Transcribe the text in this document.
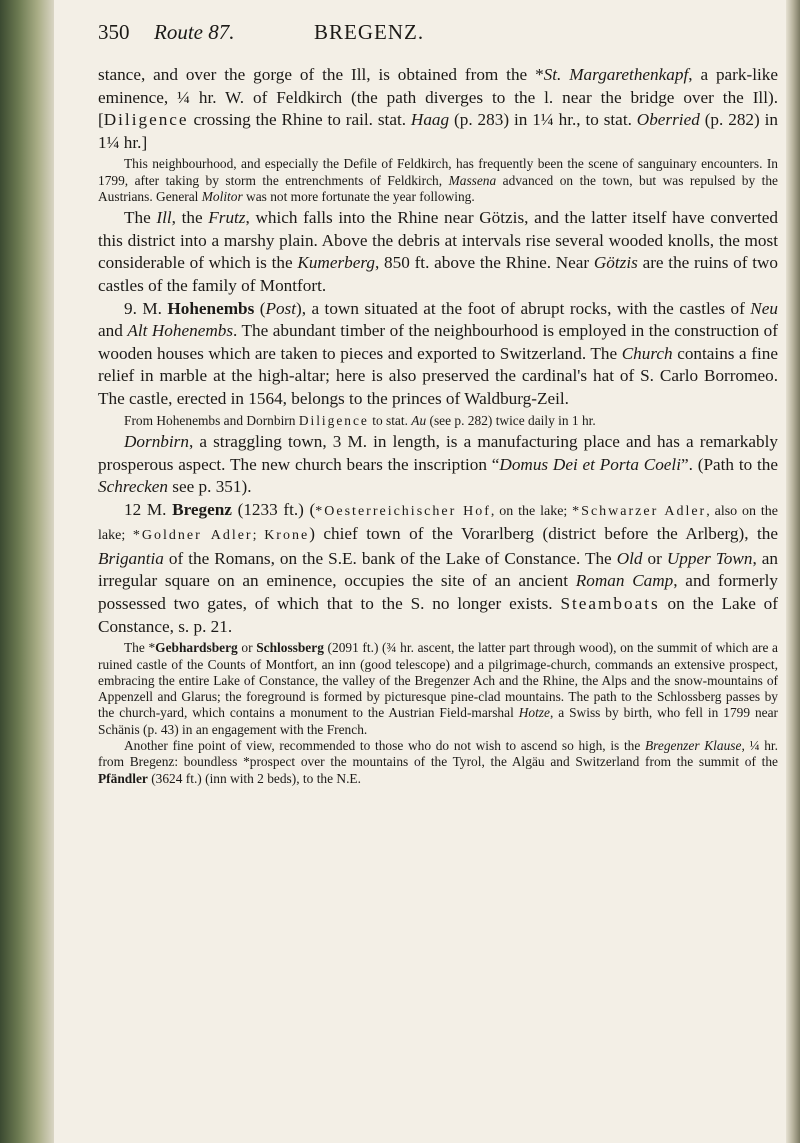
350	Route 87.	BREGENZ.

stance, and over the gorge of the Ill, is obtained from the *St. Margarethenkapf, a park-like eminence, ¼ hr. W. of Feldkirch (the path diverges to the l. near the bridge over the Ill). [Diligence crossing the Rhine to rail. stat. Haag (p. 283) in 1¼ hr., to stat. Oberried (p. 282) in 1¼ hr.]

This neighbourhood, and especially the Defile of Feldkirch, has frequently been the scene of sanguinary encounters. In 1799, after taking by storm the entrenchments of Feldkirch, Massena advanced on the town, but was repulsed by the Austrians. General Molitor was not more fortunate the year following.

The Ill, the Frutz, which falls into the Rhine near Götzis, and the latter itself have converted this district into a marshy plain. Above the debris at intervals rise several wooded knolls, the most considerable of which is the Kumerberg, 850 ft. above the Rhine. Near Götzis are the ruins of two castles of the family of Montfort.

9. M. Hohenembs (Post), a town situated at the foot of abrupt rocks, with the castles of Neu and Alt Hohenembs. The abundant timber of the neighbourhood is employed in the construction of wooden houses which are taken to pieces and exported to Switzerland. The Church contains a fine relief in marble at the high-altar; here is also preserved the cardinal's hat of S. Carlo Borromeo. The castle, erected in 1564, belongs to the princes of Waldburg-Zeil.

From Hohenembs and Dornbirn Diligence to stat. Au (see p. 282) twice daily in 1 hr.

Dornbirn, a straggling town, 3 M. in length, is a manufacturing place and has a remarkably prosperous aspect. The new church bears the inscription “Domus Dei et Porta Coeli”. (Path to the Schrecken see p. 351).

12 M. Bregenz (1233 ft.) (*Oesterreichischer Hof, on the lake; *Schwarzer Adler, also on the lake; *Goldner Adler; Krone) chief town of the Vorarlberg (district before the Arlberg), the Brigantia of the Romans, on the S.E. bank of the Lake of Constance. The Old or Upper Town, an irregular square on an eminence, occupies the site of an ancient Roman Camp, and formerly possessed two gates, of which that to the S. no longer exists. Steamboats on the Lake of Constance, s. p. 21.

The *Gebhardsberg or Schlossberg (2091 ft.) (¾ hr. ascent, the latter part through wood), on the summit of which are a ruined castle of the Counts of Montfort, an inn (good telescope) and a pilgrimage-church, commands an extensive prospect, embracing the entire Lake of Constance, the valley of the Bregenzer Ach and the Rhine, the Alps and the snow-mountains of Appenzell and Glarus; the foreground is formed by picturesque pine-clad mountains. The path to the Schlossberg passes by the church-yard, which contains a monument to the Austrian Field-marshal Hotze, a Swiss by birth, who fell in 1799 near Schänis (p. 43) in an engagement with the French.

Another fine point of view, recommended to those who do not wish to ascend so high, is the Bregenzer Klause, ¼ hr. from Bregenz: boundless *prospect over the mountains of the Tyrol, the Algäu and Switzerland from the summit of the Pfändler (3624 ft.) (inn with 2 beds), to the N.E.
